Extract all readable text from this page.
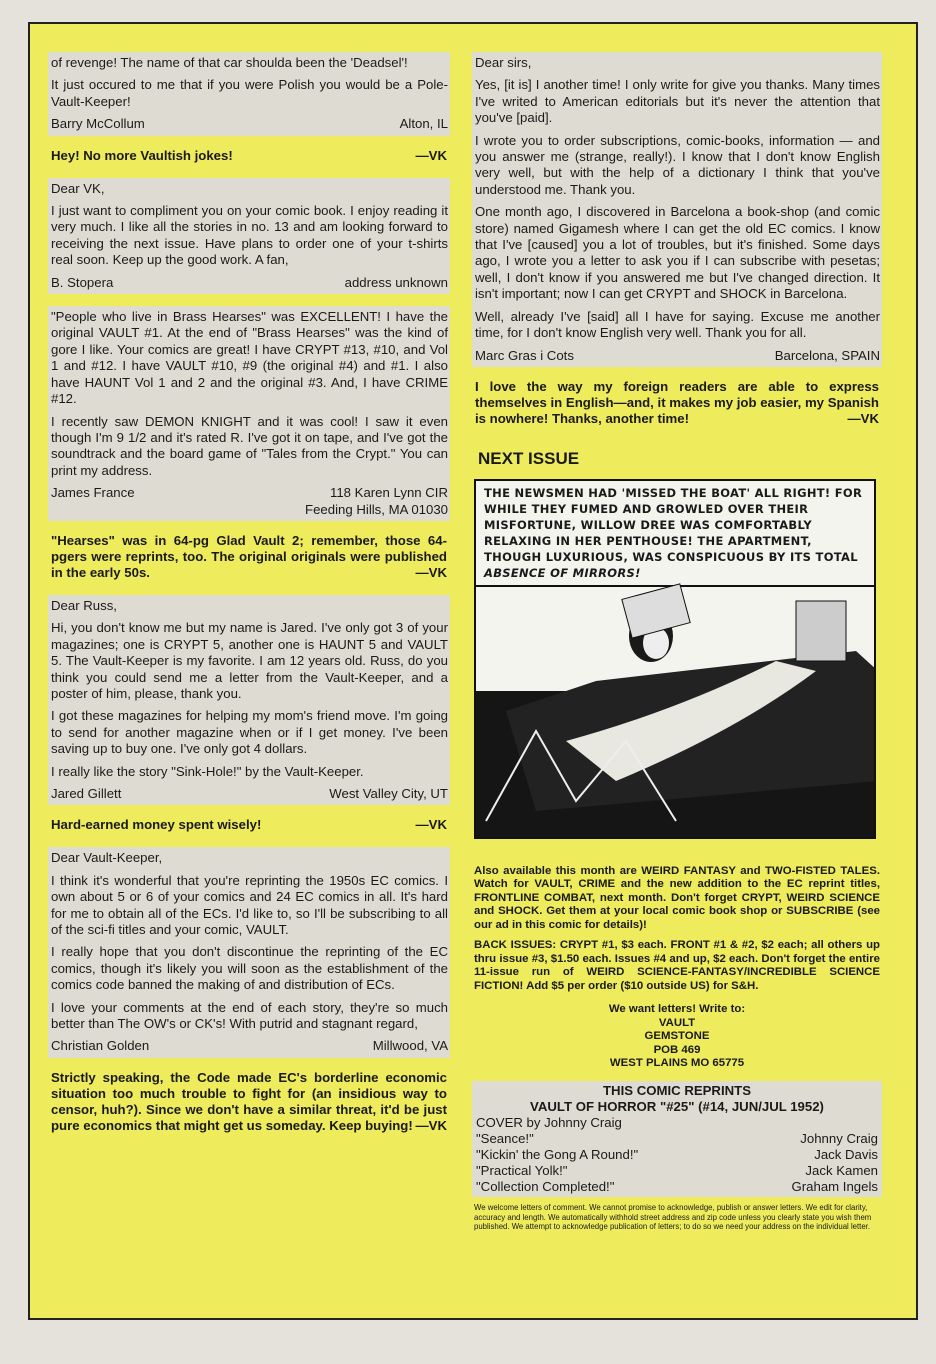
of revenge! The name of that car shoulda been the 'Deadsel'!

It just occured to me that if you were Polish you would be a Pole-Vault-Keeper!

Barry McCollum	Alton, IL
Hey! No more Vaultish jokes!	—VK

Dear VK,

I just want to compliment you on your comic book. I enjoy reading it very much. I like all the stories in no. 13 and am looking forward to receiving the next issue. Have plans to order one of your t-shirts real soon. Keep up the good work. A fan,

B. Stopera	address unknown

"People who live in Brass Hearses" was EXCELLENT! I have the original VAULT #1. At the end of "Brass Hearses" was the kind of gore I like. Your comics are great! I have CRYPT #13, #10, and Vol 1 and #12. I have VAULT #10, #9 (the original #4) and #1. I also have HAUNT Vol 1 and 2 and the original #3. And, I have CRIME #12.

I recently saw DEMON KNIGHT and it was cool! I saw it even though I'm 9 1/2 and it's rated R. I've got it on tape, and I've got the soundtrack and the board game of "Tales from the Crypt." You can print my address.

James France	118 Karen Lynn CIR
Feeding Hills, MA 01030
"Hearses" was in 64-pg Glad Vault 2; remember, those 64-pgers were reprints, too. The original originals were published in the early 50s.	—VK

Dear Russ,

Hi, you don't know me but my name is Jared. I've only got 3 of your magazines; one is CRYPT 5, another one is HAUNT 5 and VAULT 5. The Vault-Keeper is my favorite. I am 12 years old. Russ, do you think you could send me a letter from the Vault-Keeper, and a poster of him, please, thank you.

I got these magazines for helping my mom's friend move. I'm going to send for another magazine when or if I get money. I've been saving up to buy one. I've only got 4 dollars.

I really like the story "Sink-Hole!" by the Vault-Keeper.

Jared Gillett	West Valley City, UT
Hard-earned money spent wisely!	—VK

Dear Vault-Keeper,

I think it's wonderful that you're reprinting the 1950s EC comics. I own about 5 or 6 of your comics and 24 EC comics in all. It's hard for me to obtain all of the ECs. I'd like to, so I'll be subscribing to all of the sci-fi titles and your comic, VAULT.

I really hope that you don't discontinue the reprinting of the EC comics, though it's likely you will soon as the establishment of the comics code banned the making of and distribution of ECs.

I love your comments at the end of each story, they're so much better than The OW's or CK's! With putrid and stagnant regard,

Christian Golden	Millwood, VA
Strictly speaking, the Code made EC's borderline economic situation too much trouble to fight for (an insidious way to censor, huh?). Since we don't have a similar threat, it'd be just pure economics that might get us someday. Keep buying! —VK

Dear sirs,

Yes, [it is] I another time! I only write for give you thanks. Many times I've writed to American editorials but it's never the attention that you've [paid].

I wrote you to order subscriptions, comic-books, information — and you answer me (strange, really!). I know that I don't know English very well, but with the help of a dictionary I think that you've understood me. Thank you.

One month ago, I discovered in Barcelona a book-shop (and comic store) named Gigamesh where I can get the old EC comics. I know that I've [caused] you a lot of troubles, but it's finished. Some days ago, I wrote you a letter to ask you if I can subscribe with pesetas; well, I don't know if you answered me but I've changed direction. It isn't important; now I can get CRYPT and SHOCK in Barcelona.

Well, already I've [said] all I have for saying. Excuse me another time, for I don't know English very well. Thank you for all.

Marc Gras i Cots	Barcelona, SPAIN
I love the way my foreign readers are able to express themselves in English—and, it makes my job easier, my Spanish is nowhere! Thanks, another time!	—VK
NEXT ISSUE
THE NEWSMEN HAD 'MISSED THE BOAT' ALL RIGHT! FOR WHILE THEY FUMED AND GROWLED OVER THEIR MISFORTUNE, WILLOW DREE WAS COMFORTABLY RELAXING IN HER PENTHOUSE! THE APARTMENT, THOUGH LUXURIOUS, WAS CONSPICUOUS BY ITS TOTAL ABSENCE OF MIRRORS!

Also available this month are WEIRD FANTASY and TWO-FISTED TALES. Watch for VAULT, CRIME and the new addition to the EC reprint titles, FRONTLINE COMBAT, next month. Don't forget CRYPT, WEIRD SCIENCE and SHOCK. Get them at your local comic book shop or SUBSCRIBE (see our ad in this comic for details)!

BACK ISSUES: CRYPT #1, $3 each. FRONT #1 & #2, $2 each; all others up thru issue #3, $1.50 each. Issues #4 and up, $2 each. Don't forget the entire 11-issue run of WEIRD SCIENCE-FANTASY/INCREDIBLE SCIENCE FICTION! Add $5 per order ($10 outside US) for S&H.

We want letters! Write to:
VAULT
GEMSTONE
POB 469
WEST PLAINS MO 65775
THIS COMIC REPRINTS
VAULT OF HORROR "#25" (#14, JUN/JUL 1952)
COVER by Johnny Craig
"Seance!"	Johnny Craig
"Kickin' the Gong A Round!"	Jack Davis
"Practical Yolk!"	Jack Kamen
"Collection Completed!"	Graham Ingels
We welcome letters of comment. We cannot promise to acknowledge, publish or answer letters. We edit for clarity, accuracy and length. We automatically withhold street address and zip code unless you clearly state you wish them published. We attempt to acknowledge publication of letters; to do so we need your address on the individual letter.
